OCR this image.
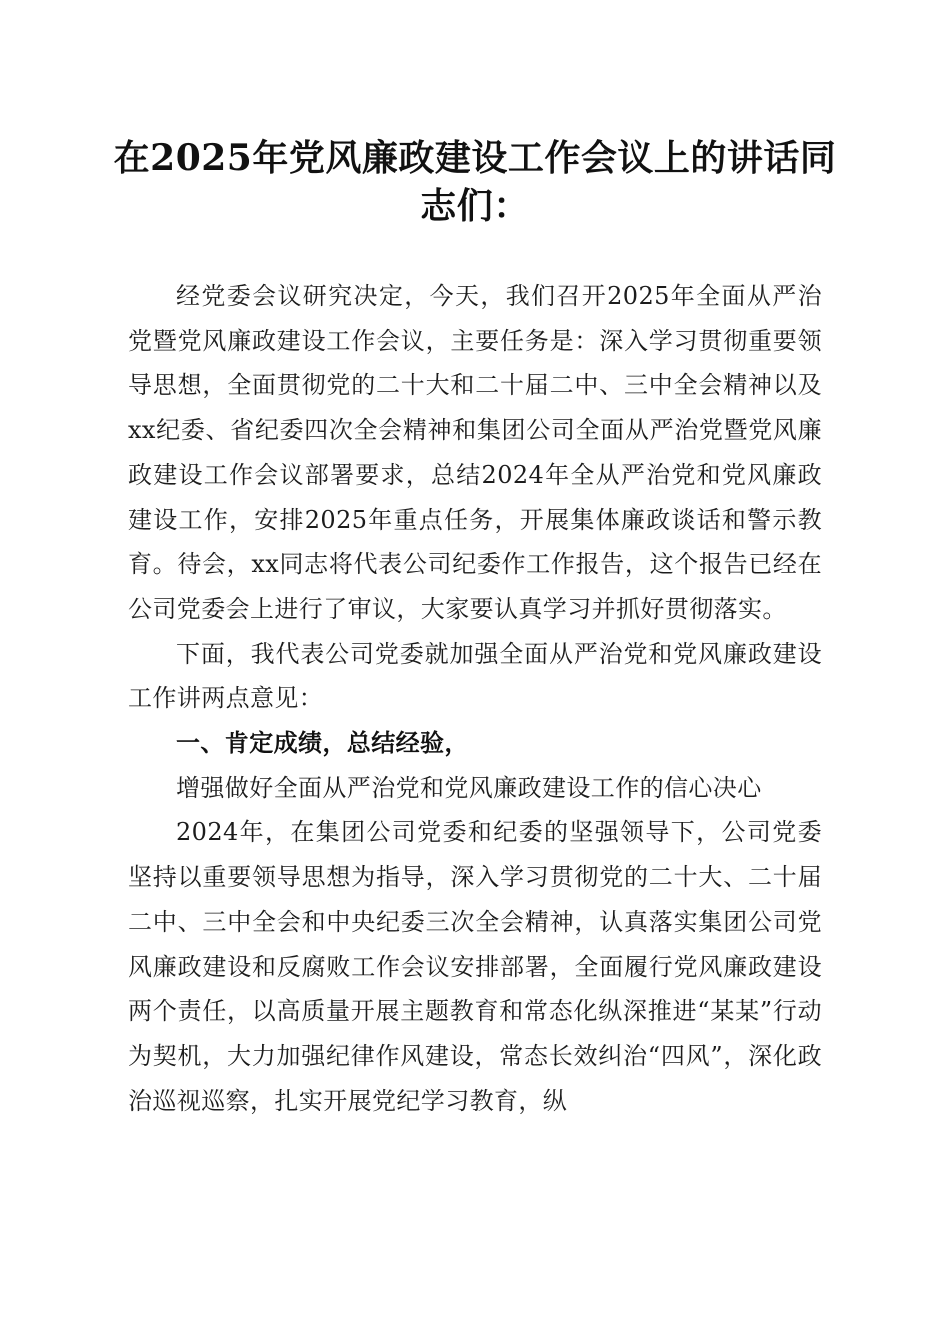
在2025年党风廉政建设工作会议上的讲话同志们：

经党委会议研究决定，今天，我们召开2025年全面从严治党暨党风廉政建设工作会议，主要任务是：深入学习贯彻重要领导思想，全面贯彻党的二十大和二十届二中、三中全会精神以及xx纪委、省纪委四次全会精神和集团公司全面从严治党暨党风廉政建设工作会议部署要求，总结2024年全从严治党和党风廉政建设工作，安排2025年重点任务，开展集体廉政谈话和警示教育。待会，xx同志将代表公司纪委作工作报告，这个报告已经在公司党委会上进行了审议，大家要认真学习并抓好贯彻落实。

下面，我代表公司党委就加强全面从严治党和党风廉政建设工作讲两点意见：

一、肯定成绩，总结经验，

增强做好全面从严治党和党风廉政建设工作的信心决心

2024年，在集团公司党委和纪委的坚强领导下，公司党委坚持以重要领导思想为指导，深入学习贯彻党的二十大、二十届二中、三中全会和中央纪委三次全会精神，认真落实集团公司党风廉政建设和反腐败工作会议安排部署，全面履行党风廉政建设两个责任，以高质量开展主题教育和常态化纵深推进“某某”行动为契机，大力加强纪律作风建设，常态长效纠治“四风”，深化政治巡视巡察，扎实开展党纪学习教育，纵
